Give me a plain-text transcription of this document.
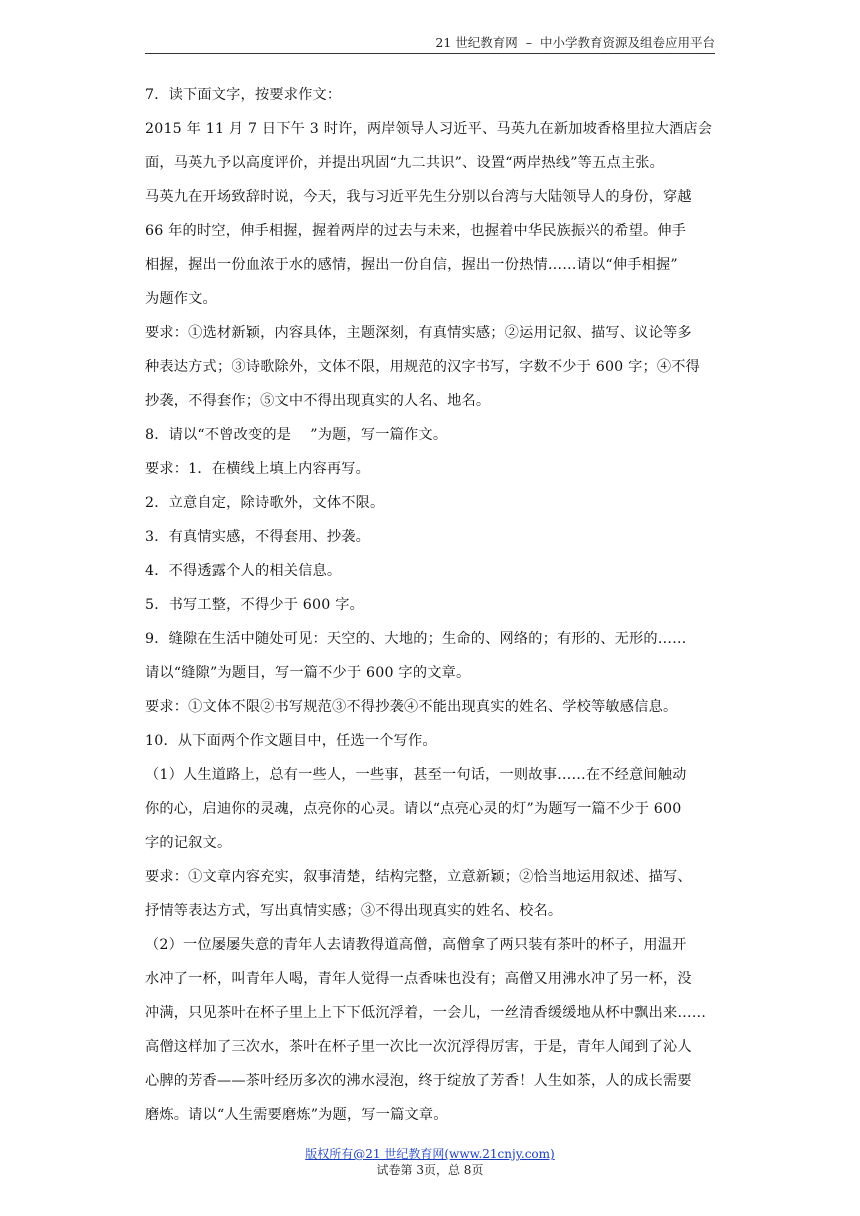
21 世纪教育网 – 中小学教育资源及组卷应用平台
7．读下面文字，按要求作文：
2015 年 11 月 7 日下午 3 时许，两岸领导人习近平、马英九在新加坡香格里拉大酒店会
面，马英九予以高度评价，并提出巩固“九二共识”、设置“两岸热线”等五点主张。
马英九在开场致辞时说，今天，我与习近平先生分别以台湾与大陆领导人的身份，穿越
66 年的时空，伸手相握，握着两岸的过去与未来，也握着中华民族振兴的希望。伸手
相握，握出一份血浓于水的感情，握出一份自信，握出一份热情……请以“伸手相握”
为题作文。
要求：①选材新颖，内容具体，主题深刻，有真情实感；②运用记叙、描写、议论等多
种表达方式；③诗歌除外，文体不限，用规范的汉字书写，字数不少于 600 字；④不得
抄袭，不得套作；⑤文中不得出现真实的人名、地名。
8．请以“不曾改变的是　 ”为题，写一篇作文。
要求：1．在横线上填上内容再写。
2．立意自定，除诗歌外，文体不限。
3．有真情实感，不得套用、抄袭。
4．不得透露个人的相关信息。
5．书写工整，不得少于 600 字。
9．缝隙在生活中随处可见：天空的、大地的；生命的、网络的；有形的、无形的……
请以“缝隙”为题目，写一篇不少于 600 字的文章。
要求：①文体不限②书写规范③不得抄袭④不能出现真实的姓名、学校等敏感信息。
10．从下面两个作文题目中，任选一个写作。
（1）人生道路上，总有一些人，一些事，甚至一句话，一则故事……在不经意间触动
你的心，启迪你的灵魂，点亮你的心灵。请以“点亮心灵的灯”为题写一篇不少于 600
字的记叙文。
要求：①文章内容充实，叙事清楚，结构完整，立意新颖；②恰当地运用叙述、描写、
抒情等表达方式，写出真情实感；③不得出现真实的姓名、校名。
（2）一位屡屡失意的青年人去请教得道高僧，高僧拿了两只装有茶叶的杯子，用温开
水冲了一杯，叫青年人喝，青年人觉得一点香味也没有；高僧又用沸水冲了另一杯，没
冲满，只见茶叶在杯子里上上下下低沉浮着，一会儿，一丝清香缓缓地从杯中飘出来……
高僧这样加了三次水，茶叶在杯子里一次比一次沉浮得厉害，于是，青年人闻到了沁人
心脾的芳香——茶叶经历多次的沸水浸泡，终于绽放了芳香！人生如茶，人的成长需要
磨炼。请以“人生需要磨炼”为题，写一篇文章。
版权所有@21 世纪教育网(www.21cnjy.com)
试卷第 3页，总 8页
